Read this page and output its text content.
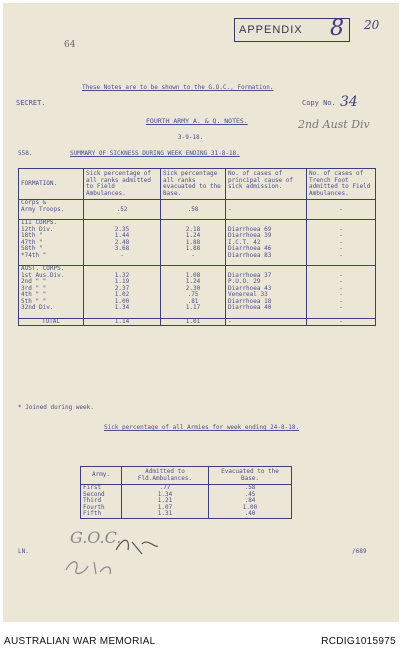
APPENDIX 8 20
64
These Notes are to be shown to the G.O.C., Formation.
SECRET.	Copy No. 34
FOURTH ARMY A. & Q. NOTES.	2nd Aust Div
3-9-18.
558.	SUMMARY OF SICKNESS DURING WEEK ENDING 31-8-18.
FORMATION.	Sick percentage of all ranks admitted to Field Ambulances.	Sick percentage all ranks evacuated to the Base.	No. of cases of principal cause of sick admission.	No. of cases of Trench Foot admitted to Field Ambulances.
Corps &				
Army Troops.	.52	.58	-	-

III CORPS.				
12th Div.	2.35	2.18	Diarrhoea 69	-
18th "	1.44	1.24	Diarrhoea 39	-
47th "	2.48	1.88	I.C.T. 42	-
58th "	3.68	1.88	Diarrhoea 46	-
*74th "	-	-	Diarrhoea 83	-

AUST. CORPS.				
1st Aus.Div.	1.32	1.08	Diarrhoea 37	-
2nd " "	1.19	1.24	P.U.O. 29	-
3rd " "	2.37	2.30	Diarrhoea 43	-
4th " "	1.02	.75	Venereal 33	-
5th " "	1.00	.81	Diarrhoea 18	-
32nd Div.	1.34	1.17	Diarrhoea 40	-

TOTAL	1.14	1.01	-	-
* Joined during week.
Sick percentage of all Armies for week ending 24-8-18.
Army.	Admitted to Fld.Ambulances.	Evacuated to the Base.
First	.77	.58
Second	1.34	.45
Third	1.21	.84
Fourth	1.07	1.00
Fifth	1.31	.40
LN.
G.O.C.
/689
AUSTRALIAN WAR MEMORIAL	RCDIG1015975
